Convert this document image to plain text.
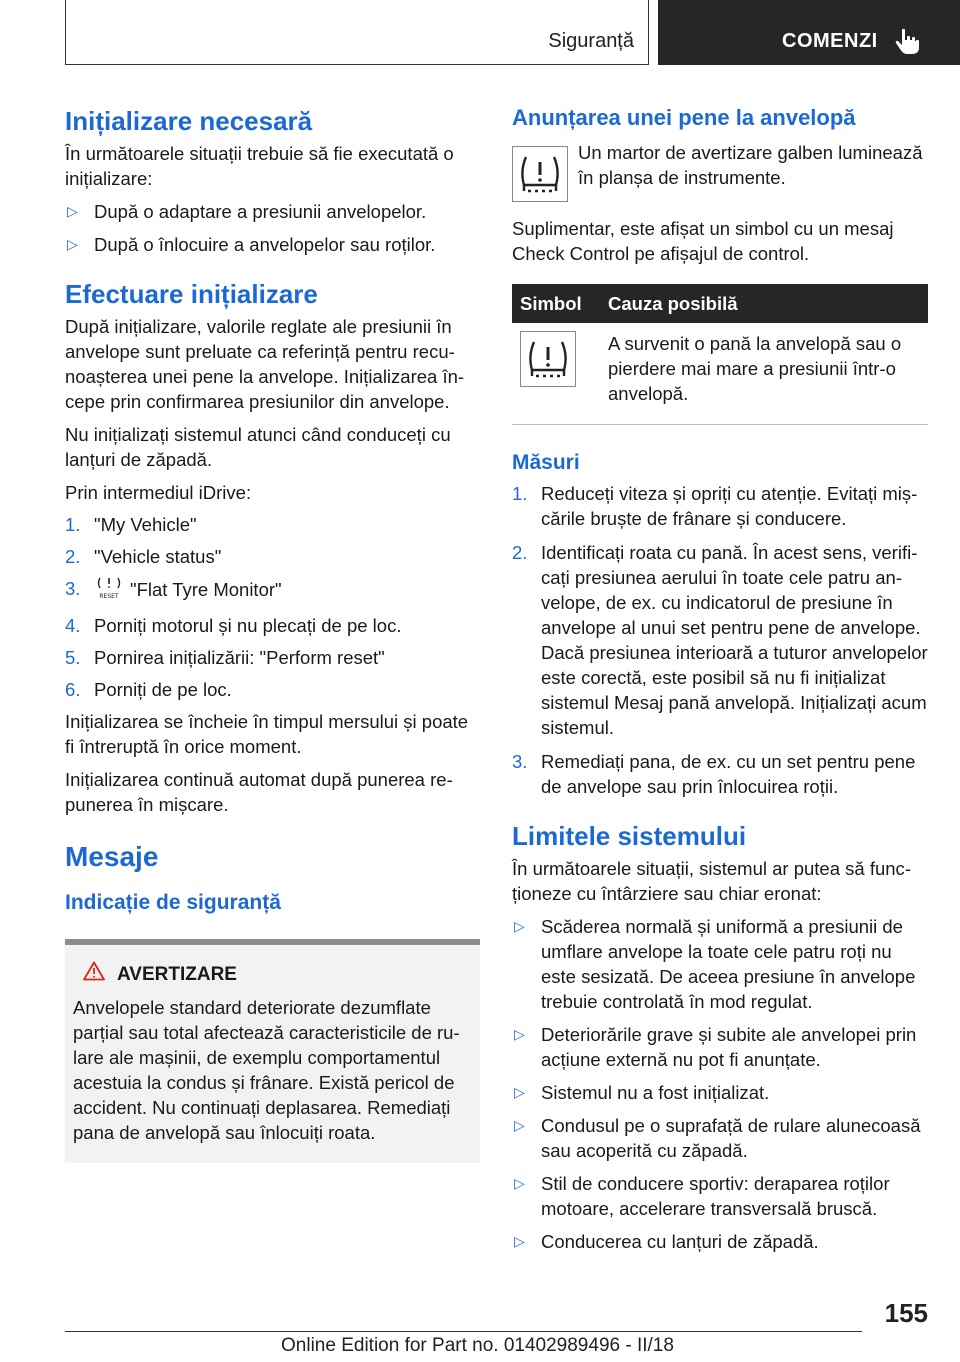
Siguranță	COMENZI
Inițializare necesară

În următoarele situații trebuie să fie executată o inițializare:

▷ După o adaptare a presiunii anvelopelor.
▷ După o înlocuire a anvelopelor sau roților.
Efectuare inițializare

După inițializare, valorile reglate ale presiunii în anvelope sunt preluate ca referință pentru recunoașterea unei pene la anvelope. Inițializarea începe prin confirmarea presiunilor din anvelope.

Nu inițializați sistemul atunci când conduceți cu lanțuri de zăpadă.

Prin intermediul iDrive:

1. "My Vehicle"
2. "Vehicle status"
3.	RESET "Flat Tyre Monitor"
4. Porniți motorul și nu plecați de pe loc.
5. Pornirea inițializării: "Perform reset"
6. Porniți de pe loc.

Inițializarea se încheie în timpul mersului și poate fi întreruptă în orice moment.

Inițializarea continuă automat după punerea repunerea în mișcare.

Mesaje
Indicație de siguranță
AVERTIZARE

Anvelopele standard deteriorate dezumflate parțial sau total afectează caracteristicile de rulare ale mașinii, de exemplu comportamentul acestuia la condus și frânare. Există pericol de accident. Nu continuați deplasarea. Remediați pana de anvelopă sau înlocuiți roata.

Anunțarea unei pene la anvelopă

Un martor de avertizare galben luminează în planșa de instrumente.

Suplimentar, este afișat un simbol cu un mesaj Check Control pe afișajul de control.

Simbol	Cauza posibilă

	A survenit o pană la anvelopă sau o pierdere mai mare a presiunii într-o anvelopă.
Măsuri
1. Reduceți viteza și opriți cu atenție. Evitați mișcările bruște de frânare și conducere.
2. Identificați roata cu pană. În acest sens, verificați presiunea aerului în toate cele patru anvelope, de ex. cu indicatorul de presiune în anvelope al unui set pentru pene de anvelope. Dacă presiunea interioară a tuturor anvelopelor este corectă, este posibil să nu fi inițializat sistemul Mesaj pană anvelopă. Inițializați acum sistemul.
3. Remediați pana, de ex. cu un set pentru pene de anvelope sau prin înlocuirea roții.
Limitele sistemului

În următoarele situații, sistemul ar putea să funcționeze cu întârziere sau chiar eronat:

▷ Scăderea normală și uniformă a presiunii de umflare anvelope la toate cele patru roți nu este sesizată. De aceea presiune în anvelope trebuie controlată în mod regulat.
▷ Deteriorările grave și subite ale anvelopei prin acțiune externă nu pot fi anunțate.
▷ Sistemul nu a fost inițializat.
▷ Condusul pe o suprafață de rulare alunecoasă sau acoperită cu zăpadă.
▷ Stil de conducere sportiv: deraparea roților motoare, accelerare transversală bruscă.
▷ Conducerea cu lanțuri de zăpadă.
155
Online Edition for Part no. 01402989496 - II/18
